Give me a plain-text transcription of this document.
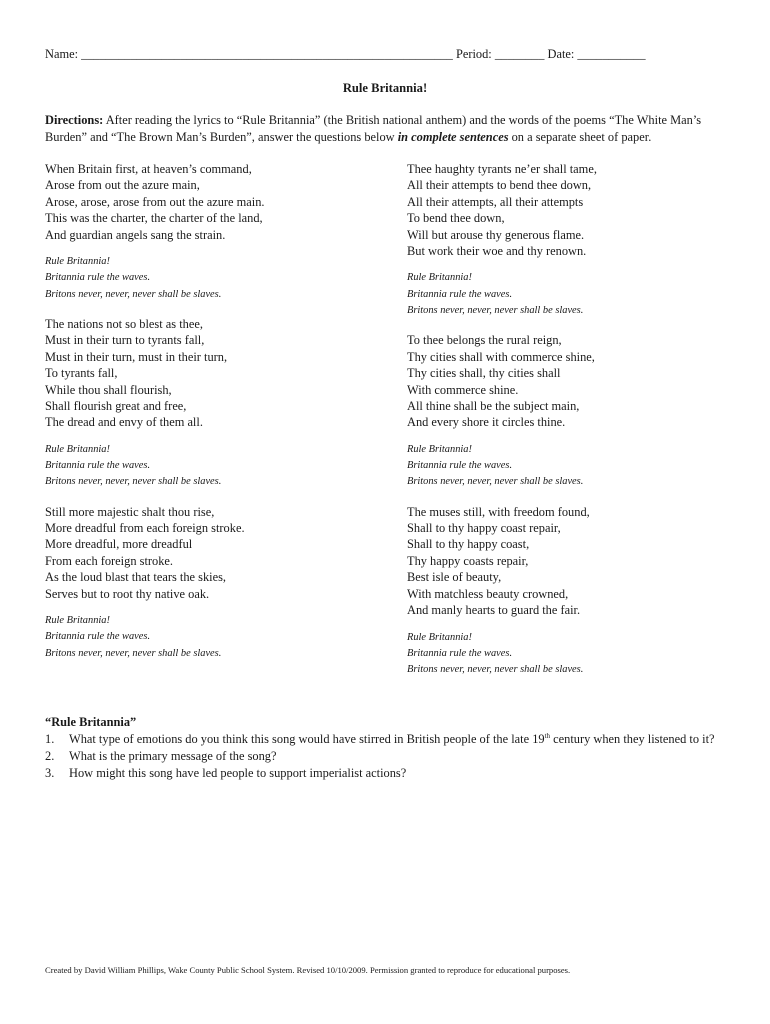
Name: ____________________________________________________________ Period: ________ Date: ___________
Rule Britannia!
Directions: After reading the lyrics to “Rule Britannia” (the British national anthem) and the words of the poems “The White Man’s Burden” and “The Brown Man’s Burden”, answer the questions below in complete sentences on a separate sheet of paper.
When Britain first, at heaven’s command,
Arose from out the azure main,
Arose, arose, arose from out the azure main.
This was the charter, the charter of the land,
And guardian angels sang the strain.
Rule Britannia!
Britannia rule the waves.
Britons never, never, never shall be slaves.
The nations not so blest as thee,
Must in their turn to tyrants fall,
Must in their turn, must in their turn,
To tyrants fall,
While thou shall flourish,
Shall flourish great and free,
The dread and envy of them all.
Rule Britannia!
Britannia rule the waves.
Britons never, never, never shall be slaves.
Still more majestic shalt thou rise,
More dreadful from each foreign stroke.
More dreadful, more dreadful
From each foreign stroke.
As the loud blast that tears the skies,
Serves but to root thy native oak.
Rule Britannia!
Britannia rule the waves.
Britons never, never, never shall be slaves.
Thee haughty tyrants ne’er shall tame,
All their attempts to bend thee down,
All their attempts, all their attempts
To bend thee down,
Will but arouse thy generous flame.
But work their woe and thy renown.
Rule Britannia!
Britannia rule the waves.
Britons never, never, never shall be slaves.
To thee belongs the rural reign,
Thy cities shall with commerce shine,
Thy cities shall, thy cities shall
With commerce shine.
All thine shall be the subject main,
And every shore it circles thine.
Rule Britannia!
Britannia rule the waves.
Britons never, never, never shall be slaves.
The muses still, with freedom found,
Shall to thy happy coast repair,
Shall to thy happy coast,
Thy happy coasts repair,
Best isle of beauty,
With matchless beauty crowned,
And manly hearts to guard the fair.
Rule Britannia!
Britannia rule the waves.
Britons never, never, never shall be slaves.
“Rule Britannia”
1.	What type of emotions do you think this song would have stirred in British people of the late 19th century when they listened to it?
2.	What is the primary message of the song?
3.	How might this song have led people to support imperialist actions?
Created by David William Phillips, Wake County Public School System. Revised 10/10/2009. Permission granted to reproduce for educational purposes.
